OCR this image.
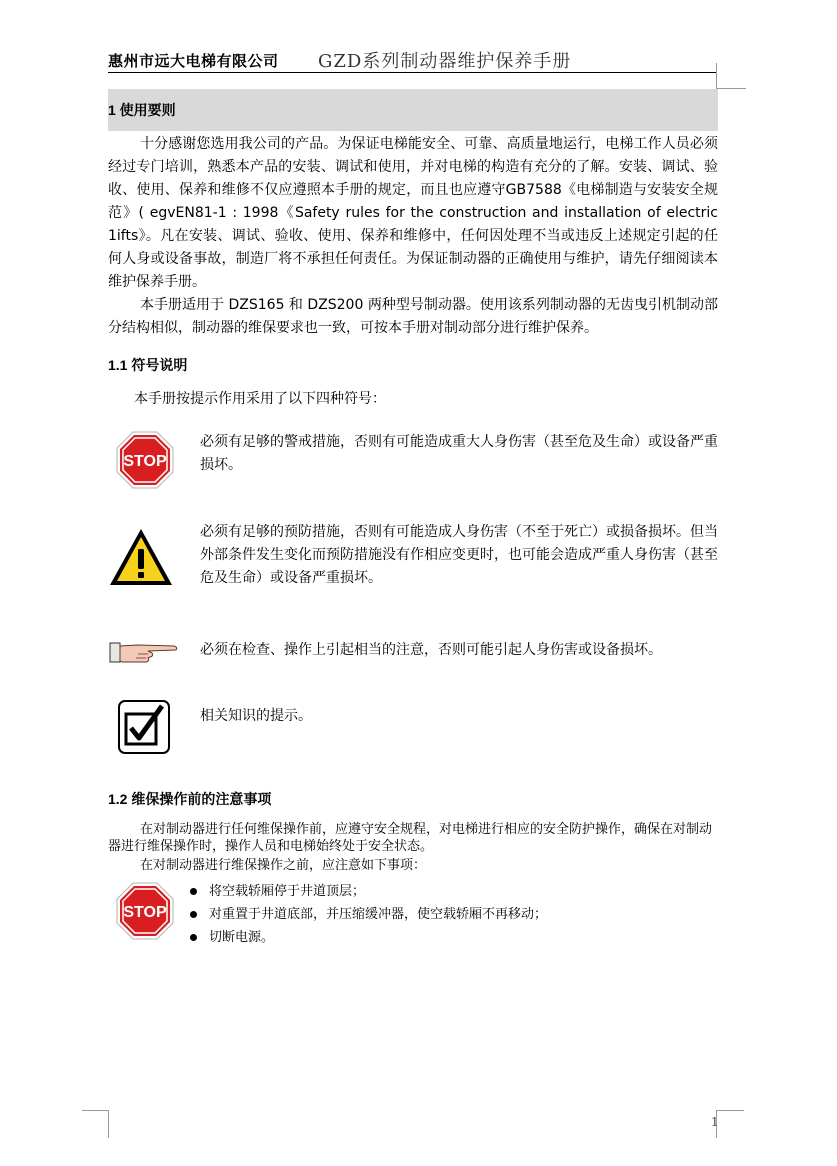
惠州市远大电梯有限公司 GZD系列制动器维护保养手册
1 使用要则
十分感谢您选用我公司的产品。为保证电梯能安全、可靠、高质量地运行，电梯工作人员必须经过专门培训，熟悉本产品的安装、调试和使用，并对电梯的构造有充分的了解。安装、调试、验收、使用、保养和维修不仅应遵照本手册的规定，而且也应遵守GB7588《电梯制造与安装安全规范》( egvEN81-1 : 1998《Safety rules for the construction and installation of electric 1ifts》。凡在安装、调试、验收、使用、保养和维修中，任何因处理不当或违反上述规定引起的任何人身或设备事故，制造厂将不承担任何责任。为保证制动器的正确使用与维护，请先仔细阅读本维护保养手册。
本手册适用于 DZS165 和 DZS200 两种型号制动器。使用该系列制动器的无齿曳引机制动部分结构相似，制动器的维保要求也一致，可按本手册对制动部分进行维护保养。
1.1 符号说明
本手册按提示作用采用了以下四种符号：
STOP
必须有足够的警戒措施，否则有可能造成重大人身伤害（甚至危及生命）或设备严重损坏。
必须有足够的预防措施，否则有可能造成人身伤害（不至于死亡）或损备损坏。但当外部条件发生变化而预防措施没有作相应变更时，也可能会造成严重人身伤害（甚至危及生命）或设备严重损坏。
必须在检查、操作上引起相当的注意，否则可能引起人身伤害或设备损坏。
相关知识的提示。
1.2 维保操作前的注意事项
在对制动器进行任何维保操作前，应遵守安全规程，对电梯进行相应的安全防护操作，确保在对制动器进行维保操作时，操作人员和电梯始终处于安全状态。
在对制动器进行维保操作之前，应注意如下事项：
STOP
将空载轿厢停于井道顶层；
对重置于井道底部，并压缩缓冲器，使空载轿厢不再移动；
切断电源。
1
